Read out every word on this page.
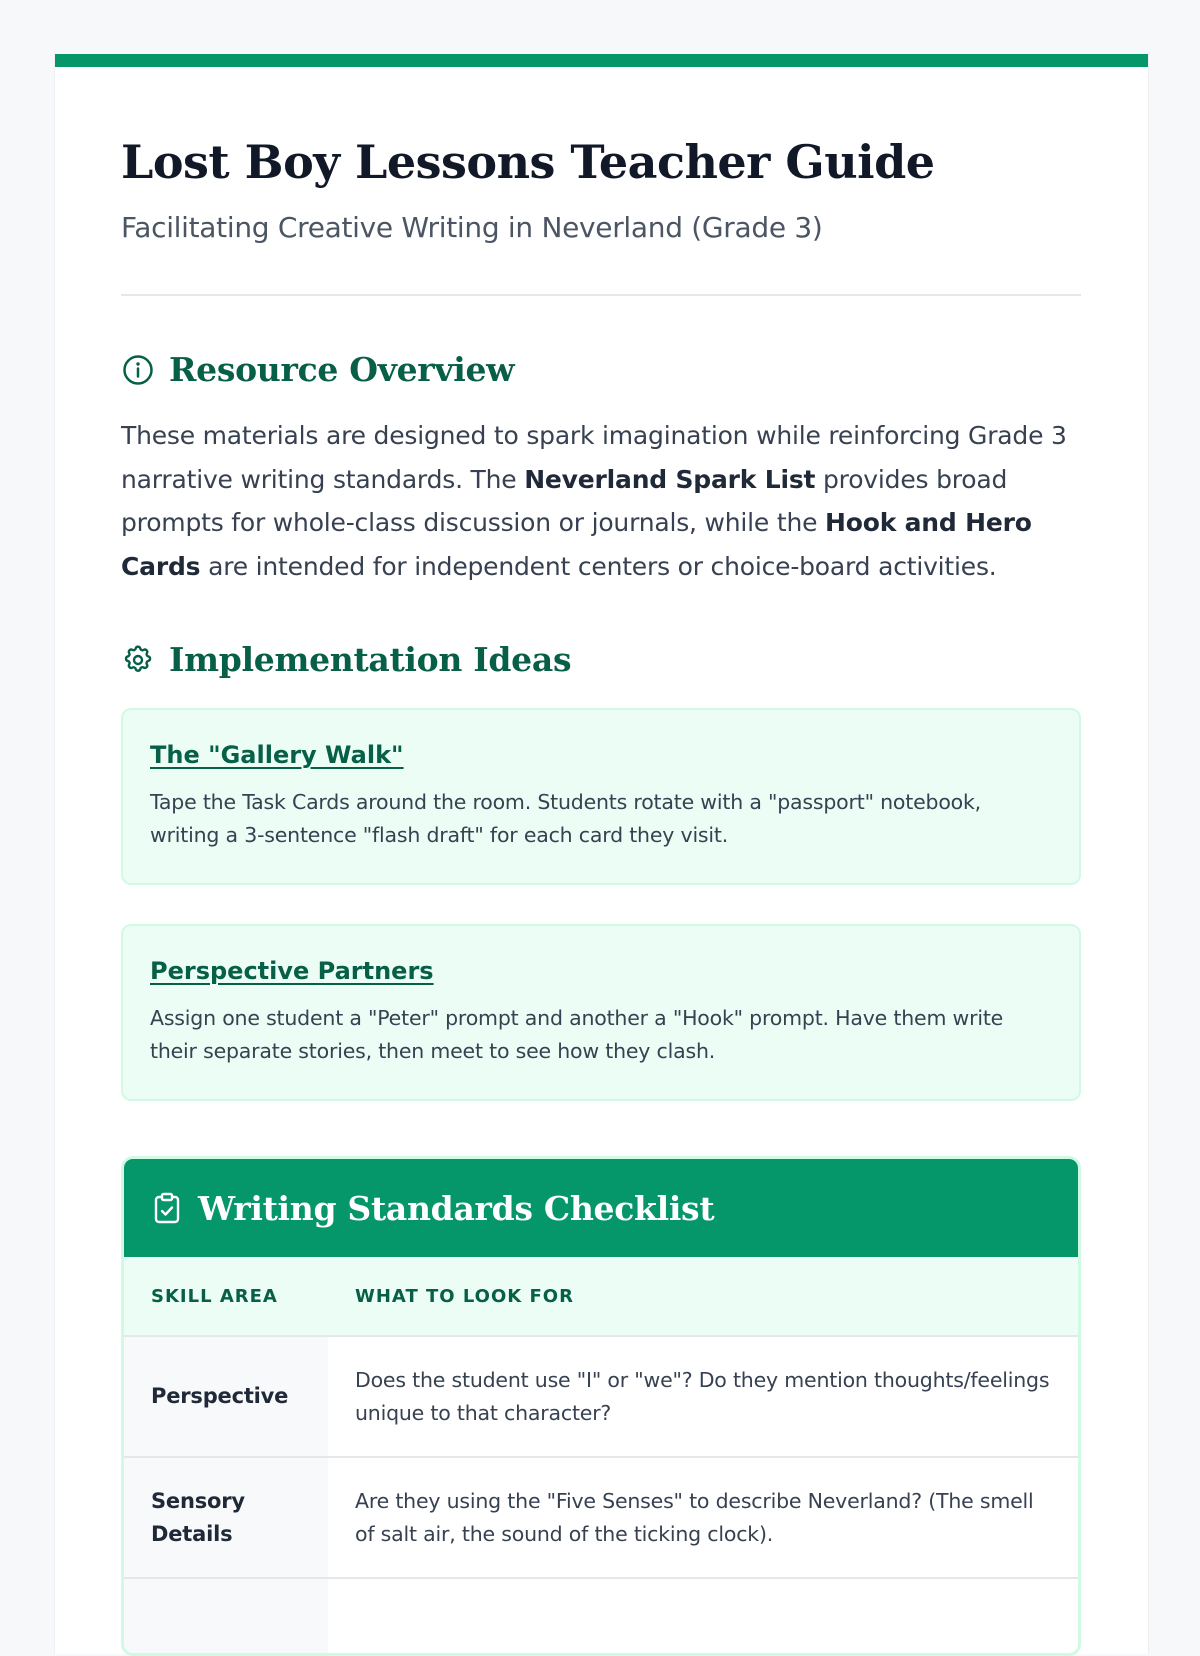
Lost Boy Lessons Teacher Guide

Facilitating Creative Writing in Neverland (Grade 3)

Resource Overview

These materials are designed to spark imagination while reinforcing Grade 3 narrative writing standards. The Neverland Spark List provides broad prompts for whole-class discussion or journals, while the Hook and Hero Cards are intended for independent centers or choice-board activities.

Implementation Ideas
The "Gallery Walk"

Tape the Task Cards around the room. Students rotate with a "passport" notebook, writing a 3-sentence "flash draft" for each card they visit.

Perspective Partners

Assign one student a "Peter" prompt and another a "Hook" prompt. Have them write their separate stories, then meet to see how they clash.

Writing Standards Checklist
SKILL AREA	WHAT TO LOOK FOR
Perspective	Does the student use "I" or "we"? Do they mention thoughts/feelings unique to that character?
Sensory Details	Are they using the "Five Senses" to describe Neverland? (The smell of salt air, the sound of the ticking clock).
